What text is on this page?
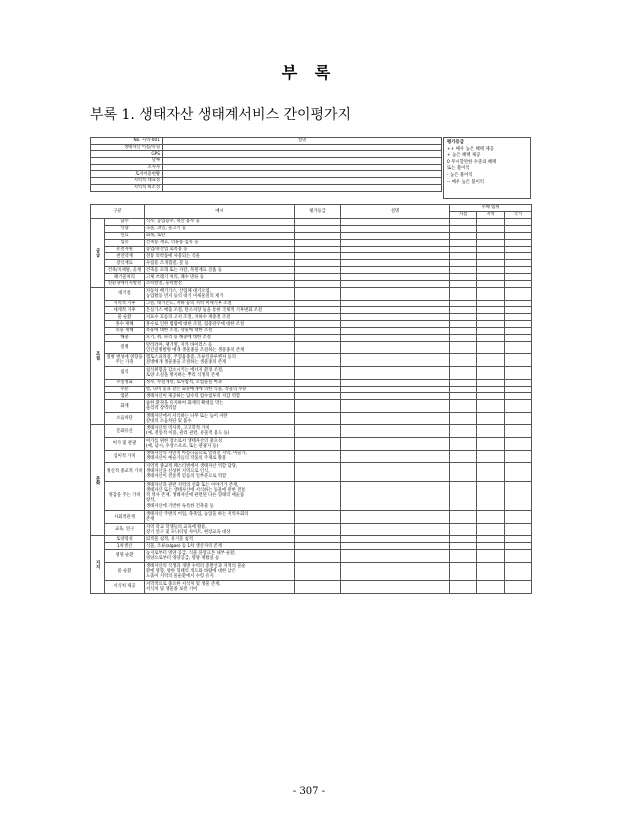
부 록
부록 1. 생태자산 생태계서비스 간이평가지
No. 지역-001	설명
생태자산 이름/유형	
GPS	
날짜	
조사자	
토지이용현황	
지역적 대표성	
지역적 희소성	
평가등급
++ 매우 높은 혜택 제공
+ 높은 혜택 제공
0 무시할만한 수준의 혜택
또는 불이익
- 높은 불이익
-- 매우 높은 불이익
구분		예시	평가등급	설명	수혜 범위		
					지점	지역	국가
공급	담수	식수, 농업용수, 축산 용수 등					
	식량	곡물, 과일, 물고기 등					
	연료	화목, 토탄					
	섬유	건축용 재료, 의류용 섬유 등					
	유전자원	농업/축산업 회복용 등					
	천연약재	전통 의약품에 사용되는 식물					
	장식재료	수집용 조개껍질, 꽃 등					
	건축/지세탈, 골재	건축용 모래 또는 자갈, 복원재료 진흙 등					
	폐기물처리	고체 쓰레기 처리, 폐수 방류 등					
	친환경에너지발전	조력발전, 풍력발전					
조절	대기질	자동차 배기가스, 산업체 대기오염,
농업활동 먼지 등의 대기 미세물질의 제거					
	지역적 기후	그늘, 대기온도, 저하 등의 지역 미세기후 조절					
	세계적 기후	온실가스 배출 조절, 탄소저장 등을 통한 국제적 기후변화 조절					
	물 순환	지표수 흐름의 고저 조절, 지하수 재충전 조절					
	홍수 재해	홍수로 인한 범람에 대한 조절, 집중강우에 대한 조절					
	폭풍 재해	폭풍에 대한 조절, 강풍에 대한 조절					
	해충	모기, 쥐, 파리 등 해충에 대한 조절					
	질병	말라리아, 댕기열, 지카 바이러스 등
인간질병발병 매개 생물종을 조절하는 생물종의 존재					
	질병 변성에 영향을 주는 가축	렙토스피라증, 주혈흡충증, 조류인플루엔자 등의
질병매개 생물종을 조절하는 생물종의 존재					
	침식	침식위험을 감소시키는 에너지 환경 조절,
토양 소실을 방지하는 뿌리 식생의 존재					
	수질정화	정수, 수질개선, 토사침적, 오염물질 여과					
	수분	벌, 나비 등과 같은 화분매개에 의한 식물, 작물의 수분					
	염분	생태자산이 제공하는 담수의 염수침투의 저감 역할					
	화재	습한 환경을 유지하여 화재의 확대를 막는
물리적 장벽역할					
	소음차단	생태자산에서 서식하는 나무 또는 높이 자란
갈대의 소음차단 및 흡수					
문화	문화유산	생태자산의 역사적, 고고학적 가치
(예, 전통적 이용, 관리 관련, 유물적 용도 등)					
	여가 및 관광	여가를 위한 장소로서 생태자산의 중요성
(예, 낚시, 수상스포츠, 또는 관광지 등)					
	심미적 가치	생태자산의 자연적 아름다움으로 알려진 지역, 미술가,
생태자산이 예술가들의 작품의 주제로 활용					
	정신적 종교적 가치	지역적 종교적 페스티벌에서 생태자산 역할 담당,
생태자산을 신성한 지역으로 인식,
생태자산이 전통적 믿음의 일부분으로 역할					
	영감을 주는 가치	생태자산과 관련 지역의 신화 또는 이야기가 존재,
생태자산 또는 생태자산에 서식하는 동물에 관한 전통
적 역사 존재, 생태자산에 관련된 다른 형태의 예술품
창작,
생태자산에 기반한 독특한 건축물 등					
	사회적관계	생태자산 주변의 어업, 축축업, 농업을 하는 지역사회의
존재					
	교육, 연구	지역 학교 학생들의 교육에 활용,
장기 연구 및 모니터링 사이트, 현장교육 대상					
지지	토양형성	퇴적물 침적, 유기물 침적					
	1차생산	식물, 조류(algae) 등 1차 생산자의 존재					
	영양 순환	농지로부터 영양 공급, 식물 플랑크톤 내부 순환,
영양으로부터 영양공급, 영양 재활용 등					
	물 순환	생태자산의 식생과 개방 수역의 증발산과 지역의 물순
환에 영향, 양한 형태의 개도와 바람에 대한 낮은
노출이 지역의 물순환에서 수령 유지					
	서식처 제공	지역적으로 중요한 서식처 및 생물 존재,
서식처 및 생물종 보전 기여					
- 307 -
